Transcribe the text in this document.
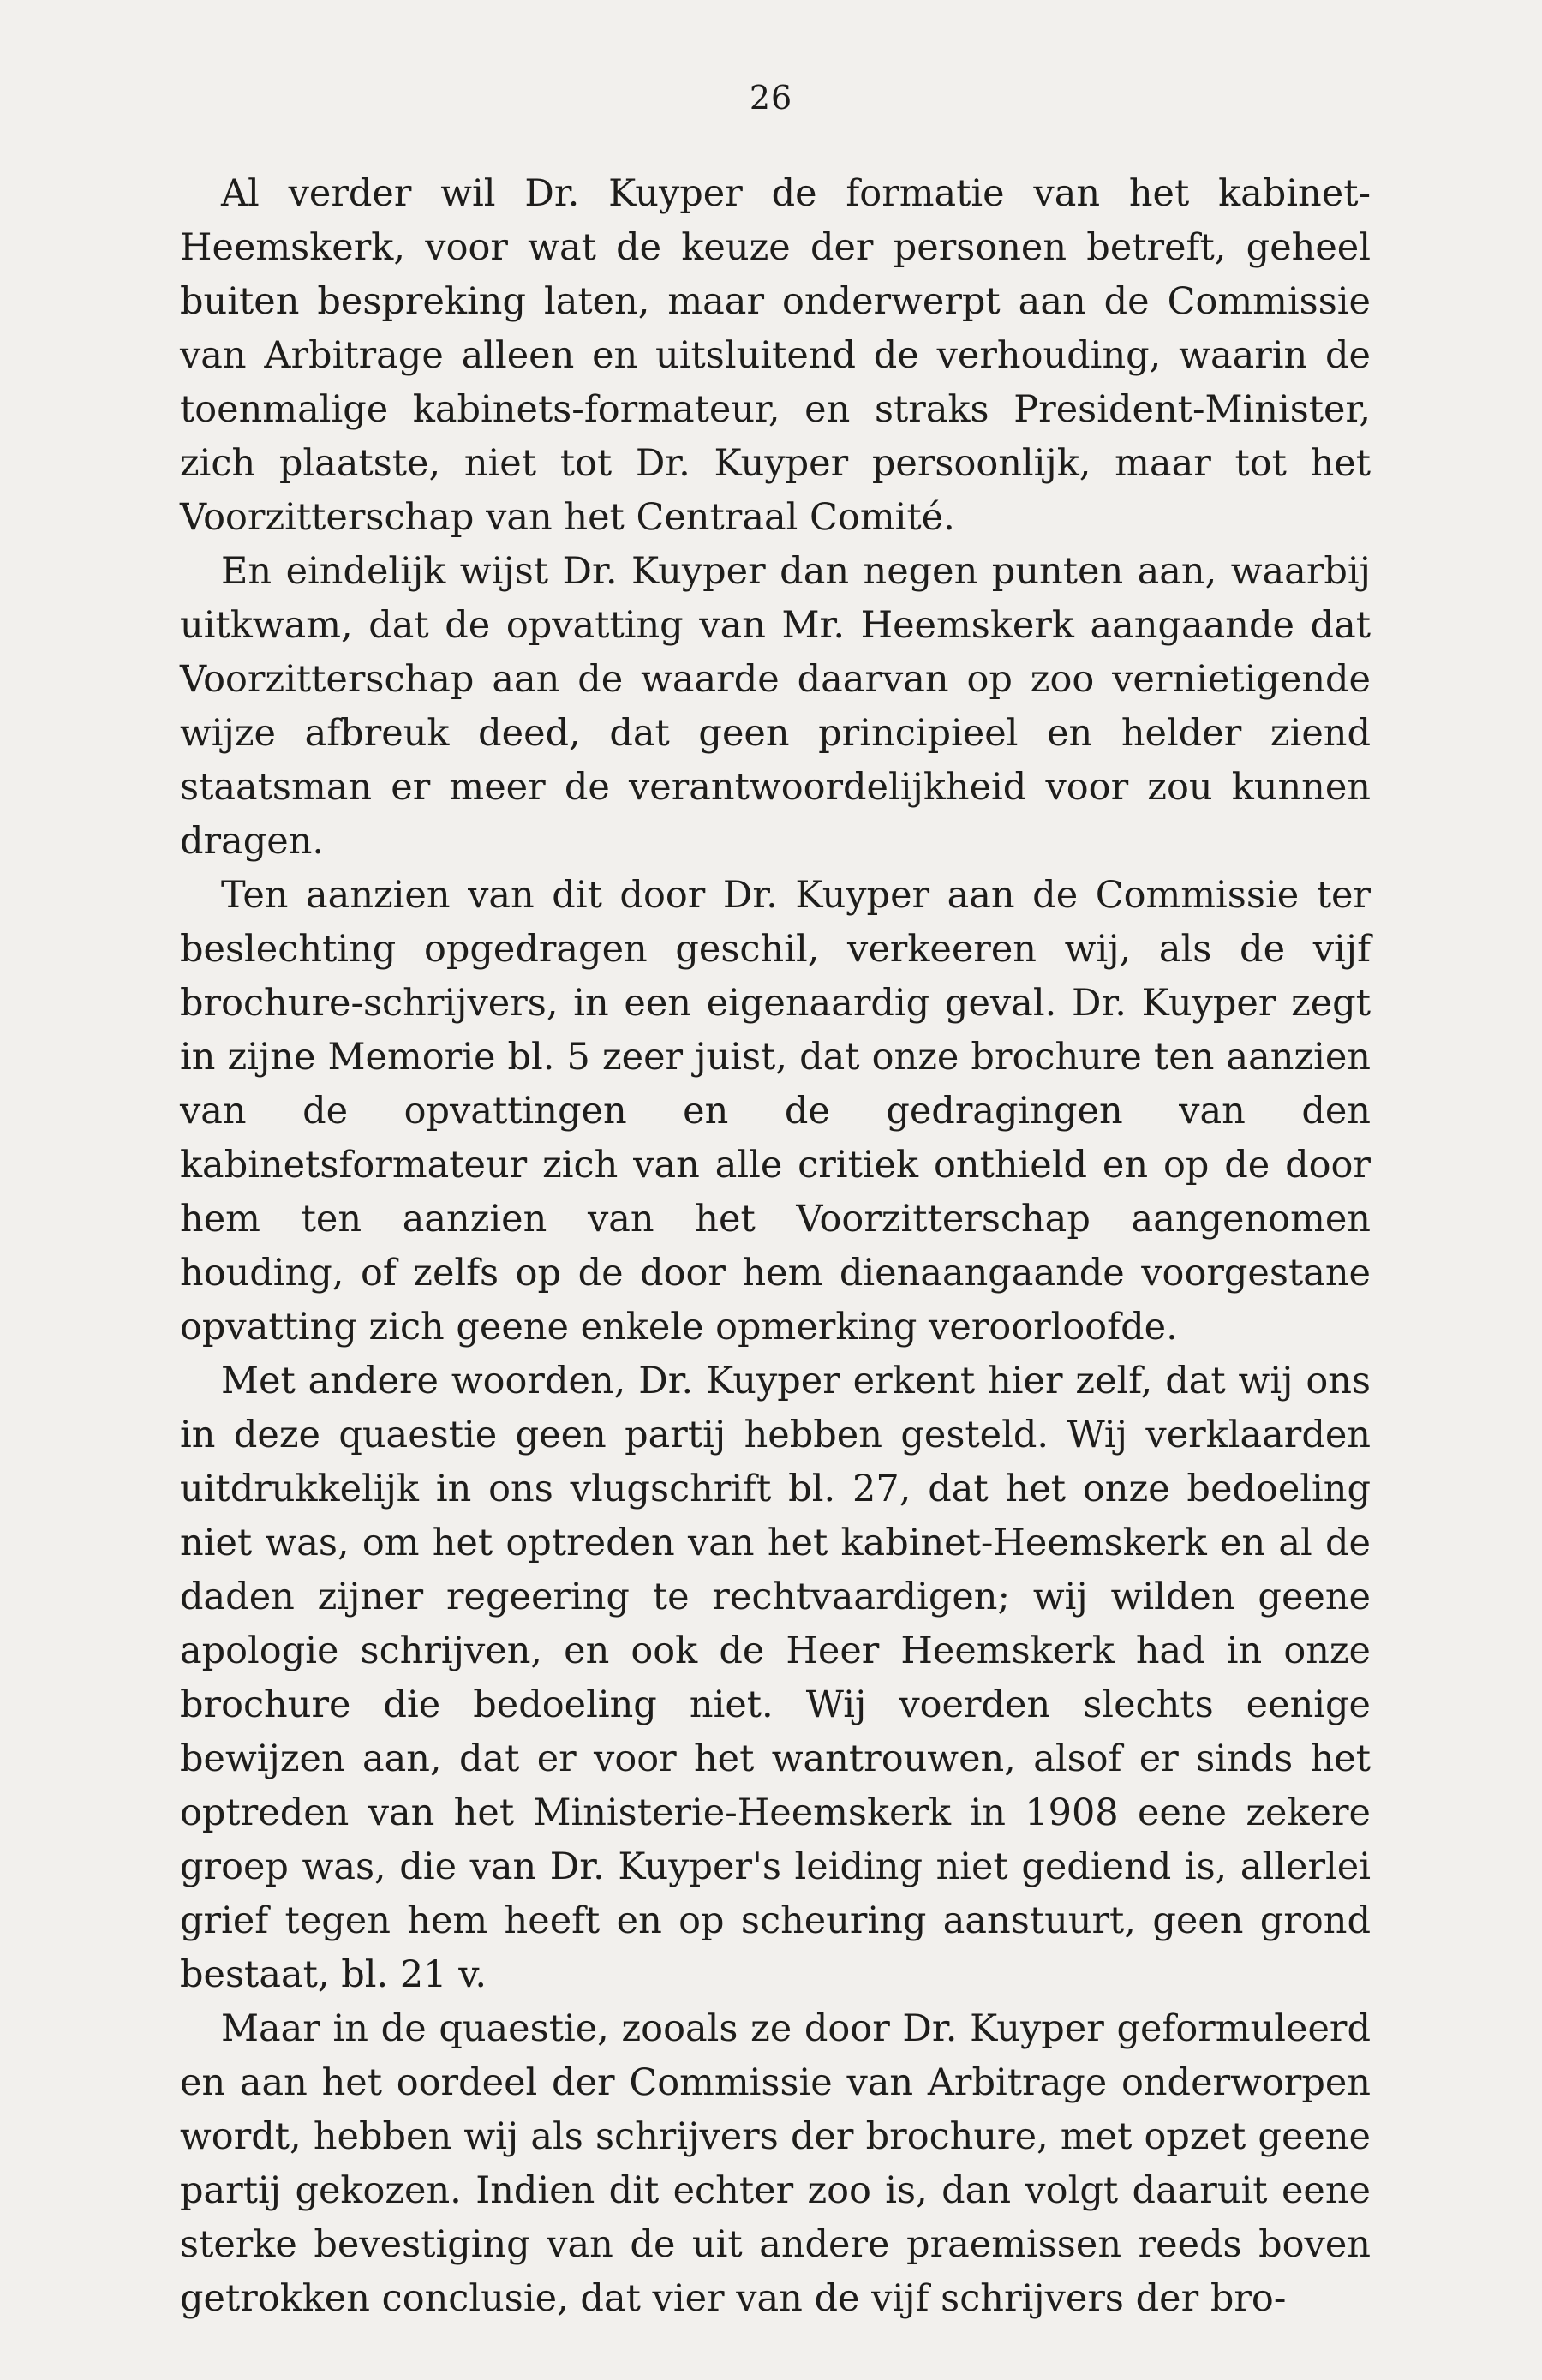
26

Al verder wil Dr. Kuyper de formatie van het kabinet-Heemskerk, voor wat de keuze der personen betreft, geheel buiten bespreking laten, maar onderwerpt aan de Commissie van Arbitrage alleen en uitsluitend de verhouding, waarin de toenmalige kabinets-formateur, en straks President-Minister, zich plaatste, niet tot Dr. Kuyper persoonlijk, maar tot het Voorzitterschap van het Centraal Comité.

En eindelijk wijst Dr. Kuyper dan negen punten aan, waarbij uitkwam, dat de opvatting van Mr. Heemskerk aangaande dat Voorzitterschap aan de waarde daarvan op zoo vernietigende wijze afbreuk deed, dat geen principieel en helder ziend staatsman er meer de verantwoordelijkheid voor zou kunnen dragen.

Ten aanzien van dit door Dr. Kuyper aan de Commissie ter beslechting opgedragen geschil, verkeeren wij, als de vijf brochure-schrijvers, in een eigenaardig geval. Dr. Kuyper zegt in zijne Memorie bl. 5 zeer juist, dat onze brochure ten aanzien van de opvattingen en de gedragingen van den kabinetsformateur zich van alle critiek onthield en op de door hem ten aanzien van het Voorzitterschap aangenomen houding, of zelfs op de door hem dienaangaande voorgestane opvatting zich geene enkele opmerking veroorloofde.

Met andere woorden, Dr. Kuyper erkent hier zelf, dat wij ons in deze quaestie geen partij hebben gesteld. Wij verklaarden uitdrukkelijk in ons vlugschrift bl. 27, dat het onze bedoeling niet was, om het optreden van het kabinet-Heemskerk en al de daden zijner regeering te rechtvaardigen; wij wilden geene apologie schrijven, en ook de Heer Heemskerk had in onze brochure die bedoeling niet. Wij voerden slechts eenige bewijzen aan, dat er voor het wantrouwen, alsof er sinds het optreden van het Ministerie-Heemskerk in 1908 eene zekere groep was, die van Dr. Kuyper's leiding niet gediend is, allerlei grief tegen hem heeft en op scheuring aanstuurt, geen grond bestaat, bl. 21 v.

Maar in de quaestie, zooals ze door Dr. Kuyper geformuleerd en aan het oordeel der Commissie van Arbitrage onderworpen wordt, hebben wij als schrijvers der brochure, met opzet geene partij gekozen. Indien dit echter zoo is, dan volgt daaruit eene sterke bevestiging van de uit andere praemissen reeds boven getrokken conclusie, dat vier van de vijf schrijvers der bro-
